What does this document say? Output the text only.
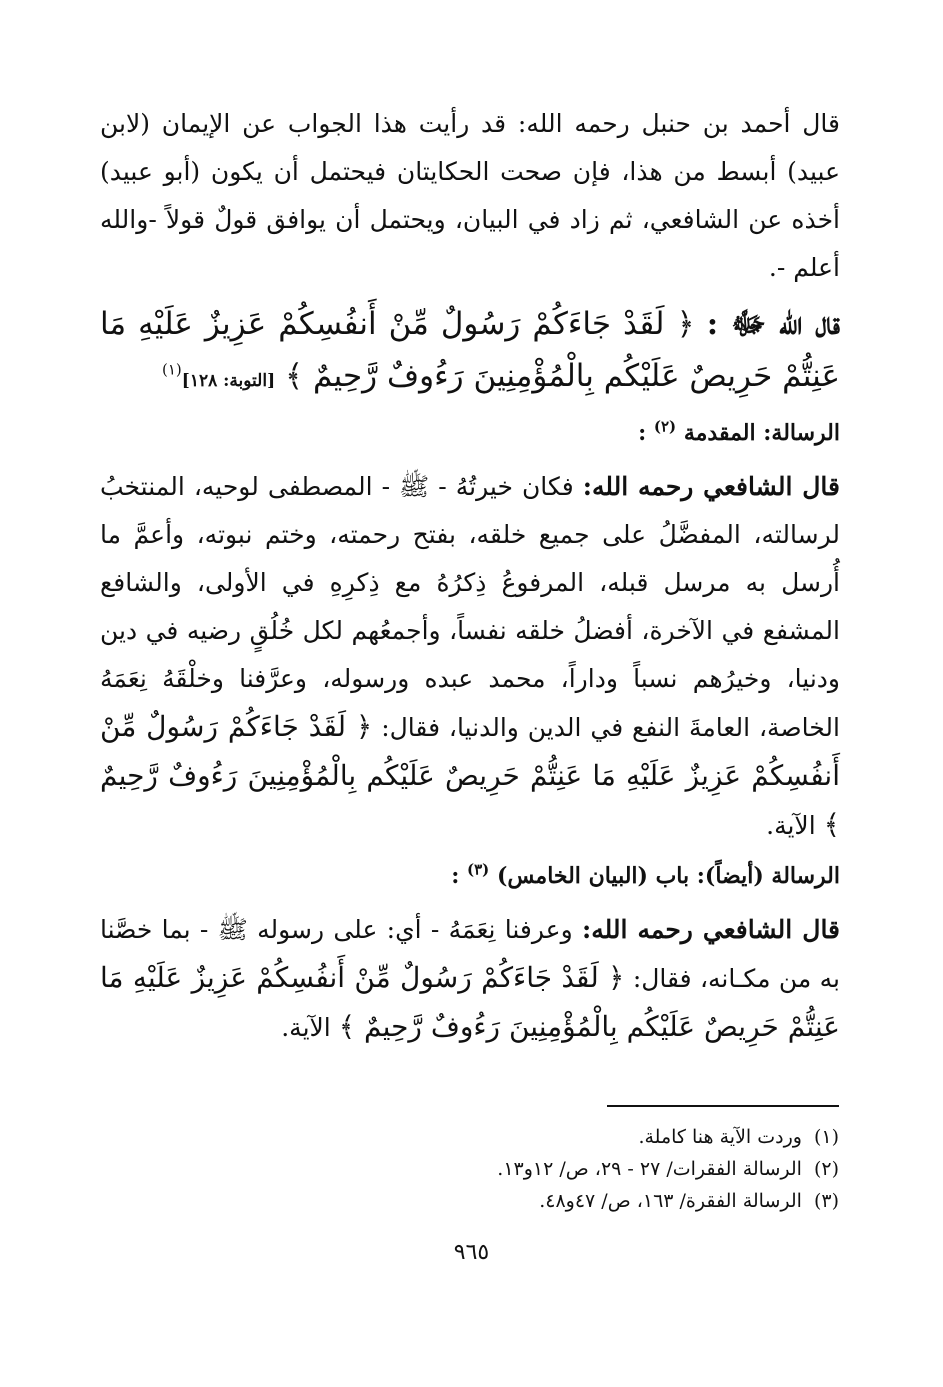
قال أحمد بن حنبل رحمه الله: قد رأيت هذا الجواب عن الإيمان (لابن عبيد) أبسط من هذا، فإن صحت الحكايتان فيحتمل أن يكون (أبو عبيد) أخذه عن الشافعي، ثم زاد في البيان، ويحتمل أن يوافق قولٌ قولاً -والله أعلم -.

قال الله ﷻ : ﴿ لَقَدْ جَاءَكُمْ رَسُولٌ مِّنْ أَنفُسِكُمْ عَزِيزٌ عَلَيْهِ مَا عَنِتُّمْ حَرِيصٌ عَلَيْكُم بِالْمُؤْمِنِينَ رَءُوفٌ رَّحِيمٌ ﴾ [التوبة: ١٢٨]$^{(١)}$

الرسالة: المقدمة $^{(٢)}$ :

قال الشافعي رحمه الله: فكان خيرتُهُ - ﷺ - المصطفى لوحيه، المنتخبُ لرسالته، المفضَّلُ على جميع خلقه، بفتح رحمته، وختم نبوته، وأعمَّ ما أُرسل به مرسل قبله، المرفوعُ ذِكرُهُ مع ذِكرِهِ في الأولى، والشافع المشفع في الآخرة، أفضلُ خلقه نفساً، وأجمعُهم لكل خُلُقٍ رضيه في دين ودنيا، وخيرُهم نسباً وداراً، محمد عبده ورسوله، وعرَّفنا وخلْقَهُ نِعَمَهُ الخاصة، العامةَ النفع في الدين والدنيا، فقال: ﴿ لَقَدْ جَاءَكُمْ رَسُولٌ مِّنْ أَنفُسِكُمْ عَزِيزٌ عَلَيْهِ مَا عَنِتُّمْ حَرِيصٌ عَلَيْكُم بِالْمُؤْمِنِينَ رَءُوفٌ رَّحِيمٌ ﴾ الآية.

الرسالة (أيضاً): باب (البيان الخامس) $^{(٣)}$ :

قال الشافعي رحمه الله: وعرفنا نِعَمَهُ - أي: على رسوله ﷺ - بما خصَّنا به من مكـانه، فقال: ﴿ لَقَدْ جَاءَكُمْ رَسُولٌ مِّنْ أَنفُسِكُمْ عَزِيزٌ عَلَيْهِ مَا عَنِتُّمْ حَرِيصٌ عَلَيْكُم بِالْمُؤْمِنِينَ رَءُوفٌ رَّحِيمٌ ﴾ الآية.

(١)وردت الآية هنا كاملة.
(٢)الرسالة الفقرات/ ٢٧ - ٢٩، ص/ ١٢و١٣.
(٣)الرسالة الفقرة/ ١٦٣، ص/ ٤٧و٤٨.
٩٦٥
